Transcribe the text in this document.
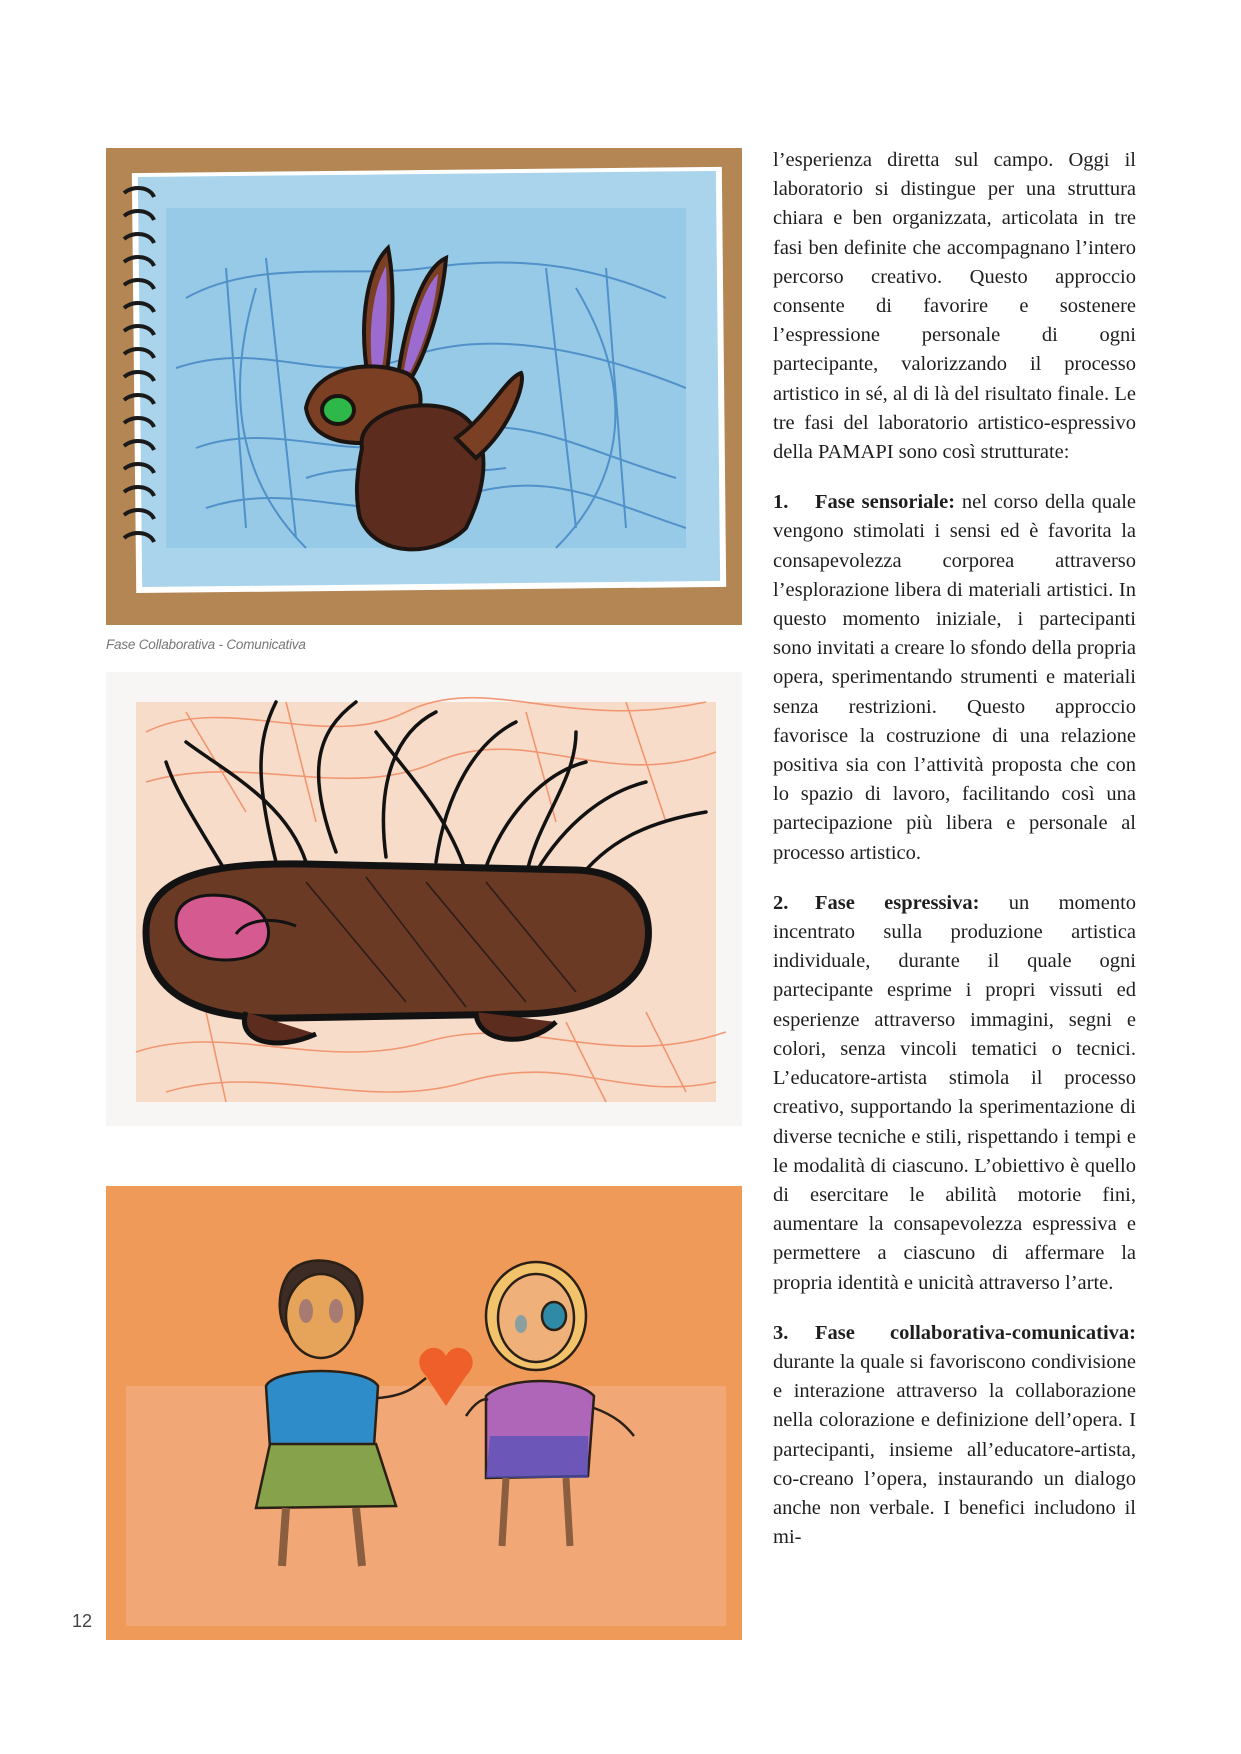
Fase Collaborativa - Comunicativa

l’esperienza diretta sul campo. Oggi il laboratorio si distingue per una struttura chiara e ben organizzata, articolata in tre fasi ben definite che accompagnano l’intero percorso creativo. Questo approccio consente di favorire e sostenere l’espressione personale di ogni partecipante, valorizzando il processo artistico in sé, al di là del risultato finale. Le tre fasi del laboratorio artistico-espressivo della PAMAPI sono così strutturate:

1. Fase sensoriale: nel corso della quale vengono stimolati i sensi ed è favorita la consapevolezza corporea attraverso l’esplorazione libera di materiali artistici. In questo momento iniziale, i partecipanti sono invitati a creare lo sfondo della propria opera, sperimentando strumenti e materiali senza restrizioni. Questo approccio favorisce la costruzione di una relazione positiva sia con l’attività proposta che con lo spazio di lavoro, facilitando così una partecipazione più libera e personale al processo artistico.

2. Fase espressiva: un momento incentrato sulla produzione artistica individuale, durante il quale ogni partecipante esprime i propri vissuti ed esperienze attraverso immagini, segni e colori, senza vincoli tematici o tecnici. L’educatore-artista stimola il processo creativo, supportando la sperimentazione di diverse tecniche e stili, rispettando i tempi e le modalità di ciascuno. L’obiettivo è quello di esercitare le abilità motorie fini, aumentare la consapevolezza espressiva e permettere a ciascuno di affermare la propria identità e unicità attraverso l’arte.

3. Fase collaborativa-comunicativa: durante la quale si favoriscono condivisione e interazione attraverso la collaborazione nella colorazione e definizione dell’opera. I partecipanti, insieme all’educatore-artista, co-creano l’opera, instaurando un dialogo anche non verbale. I benefici includono il mi-

12
